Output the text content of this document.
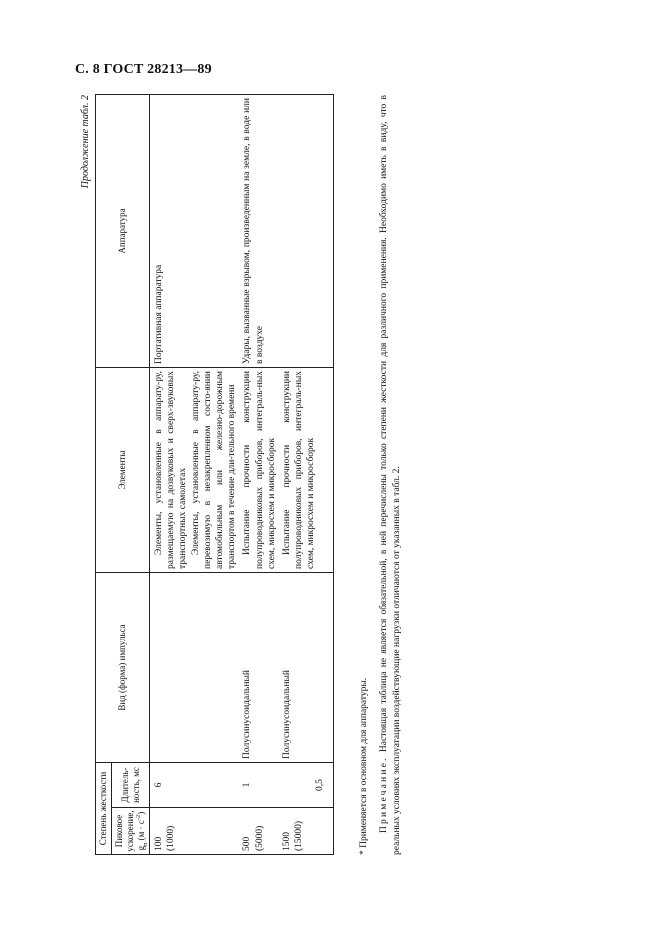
С. 8 ГОСТ 28213—89
Продолжение табл. 2
Степень жесткости		Вид (форма) импульса	Элементы	Аппаратура
Пиковое ускорение,
$g_n$ $(м \cdot с^{-2})$	Длитель-ность, мс			
100 (1000)	6		Элементы, установленные в аппарату-ру, размещаемую на дозвуковых и сверх-звуковых транспортных самолетах Элементы, установленные в аппарату-ру, перевозимую в незакрепленном состо-янии автомобильным или железно-дорожным транспортом в течение дли-тельного времени	Портативная аппаратура
500 (5000)	1	Полусинусоидальный	Испытание прочности конструкции полупроводниковых приборов, интеграль-ных схем, микросхем и микросборок	Удары, вызванные взрывом, произведенным на земле, в воде или в воздухе
1500 (15000)	0,5	Полусинусоидальный	Испытание прочности конструкции полупроводниковых приборов, интеграль-ных схем, микросхем и микросборок	
* Применяется в основном для аппаратуры. Примечание. Настоящая таблица не является обязательной, в ней перечислены только степени жесткости для различного применения. Необходимо иметь в виду, что в реальных условиях эксплуатации воздействующие нагрузки отличаются от указанных в табл. 2.
